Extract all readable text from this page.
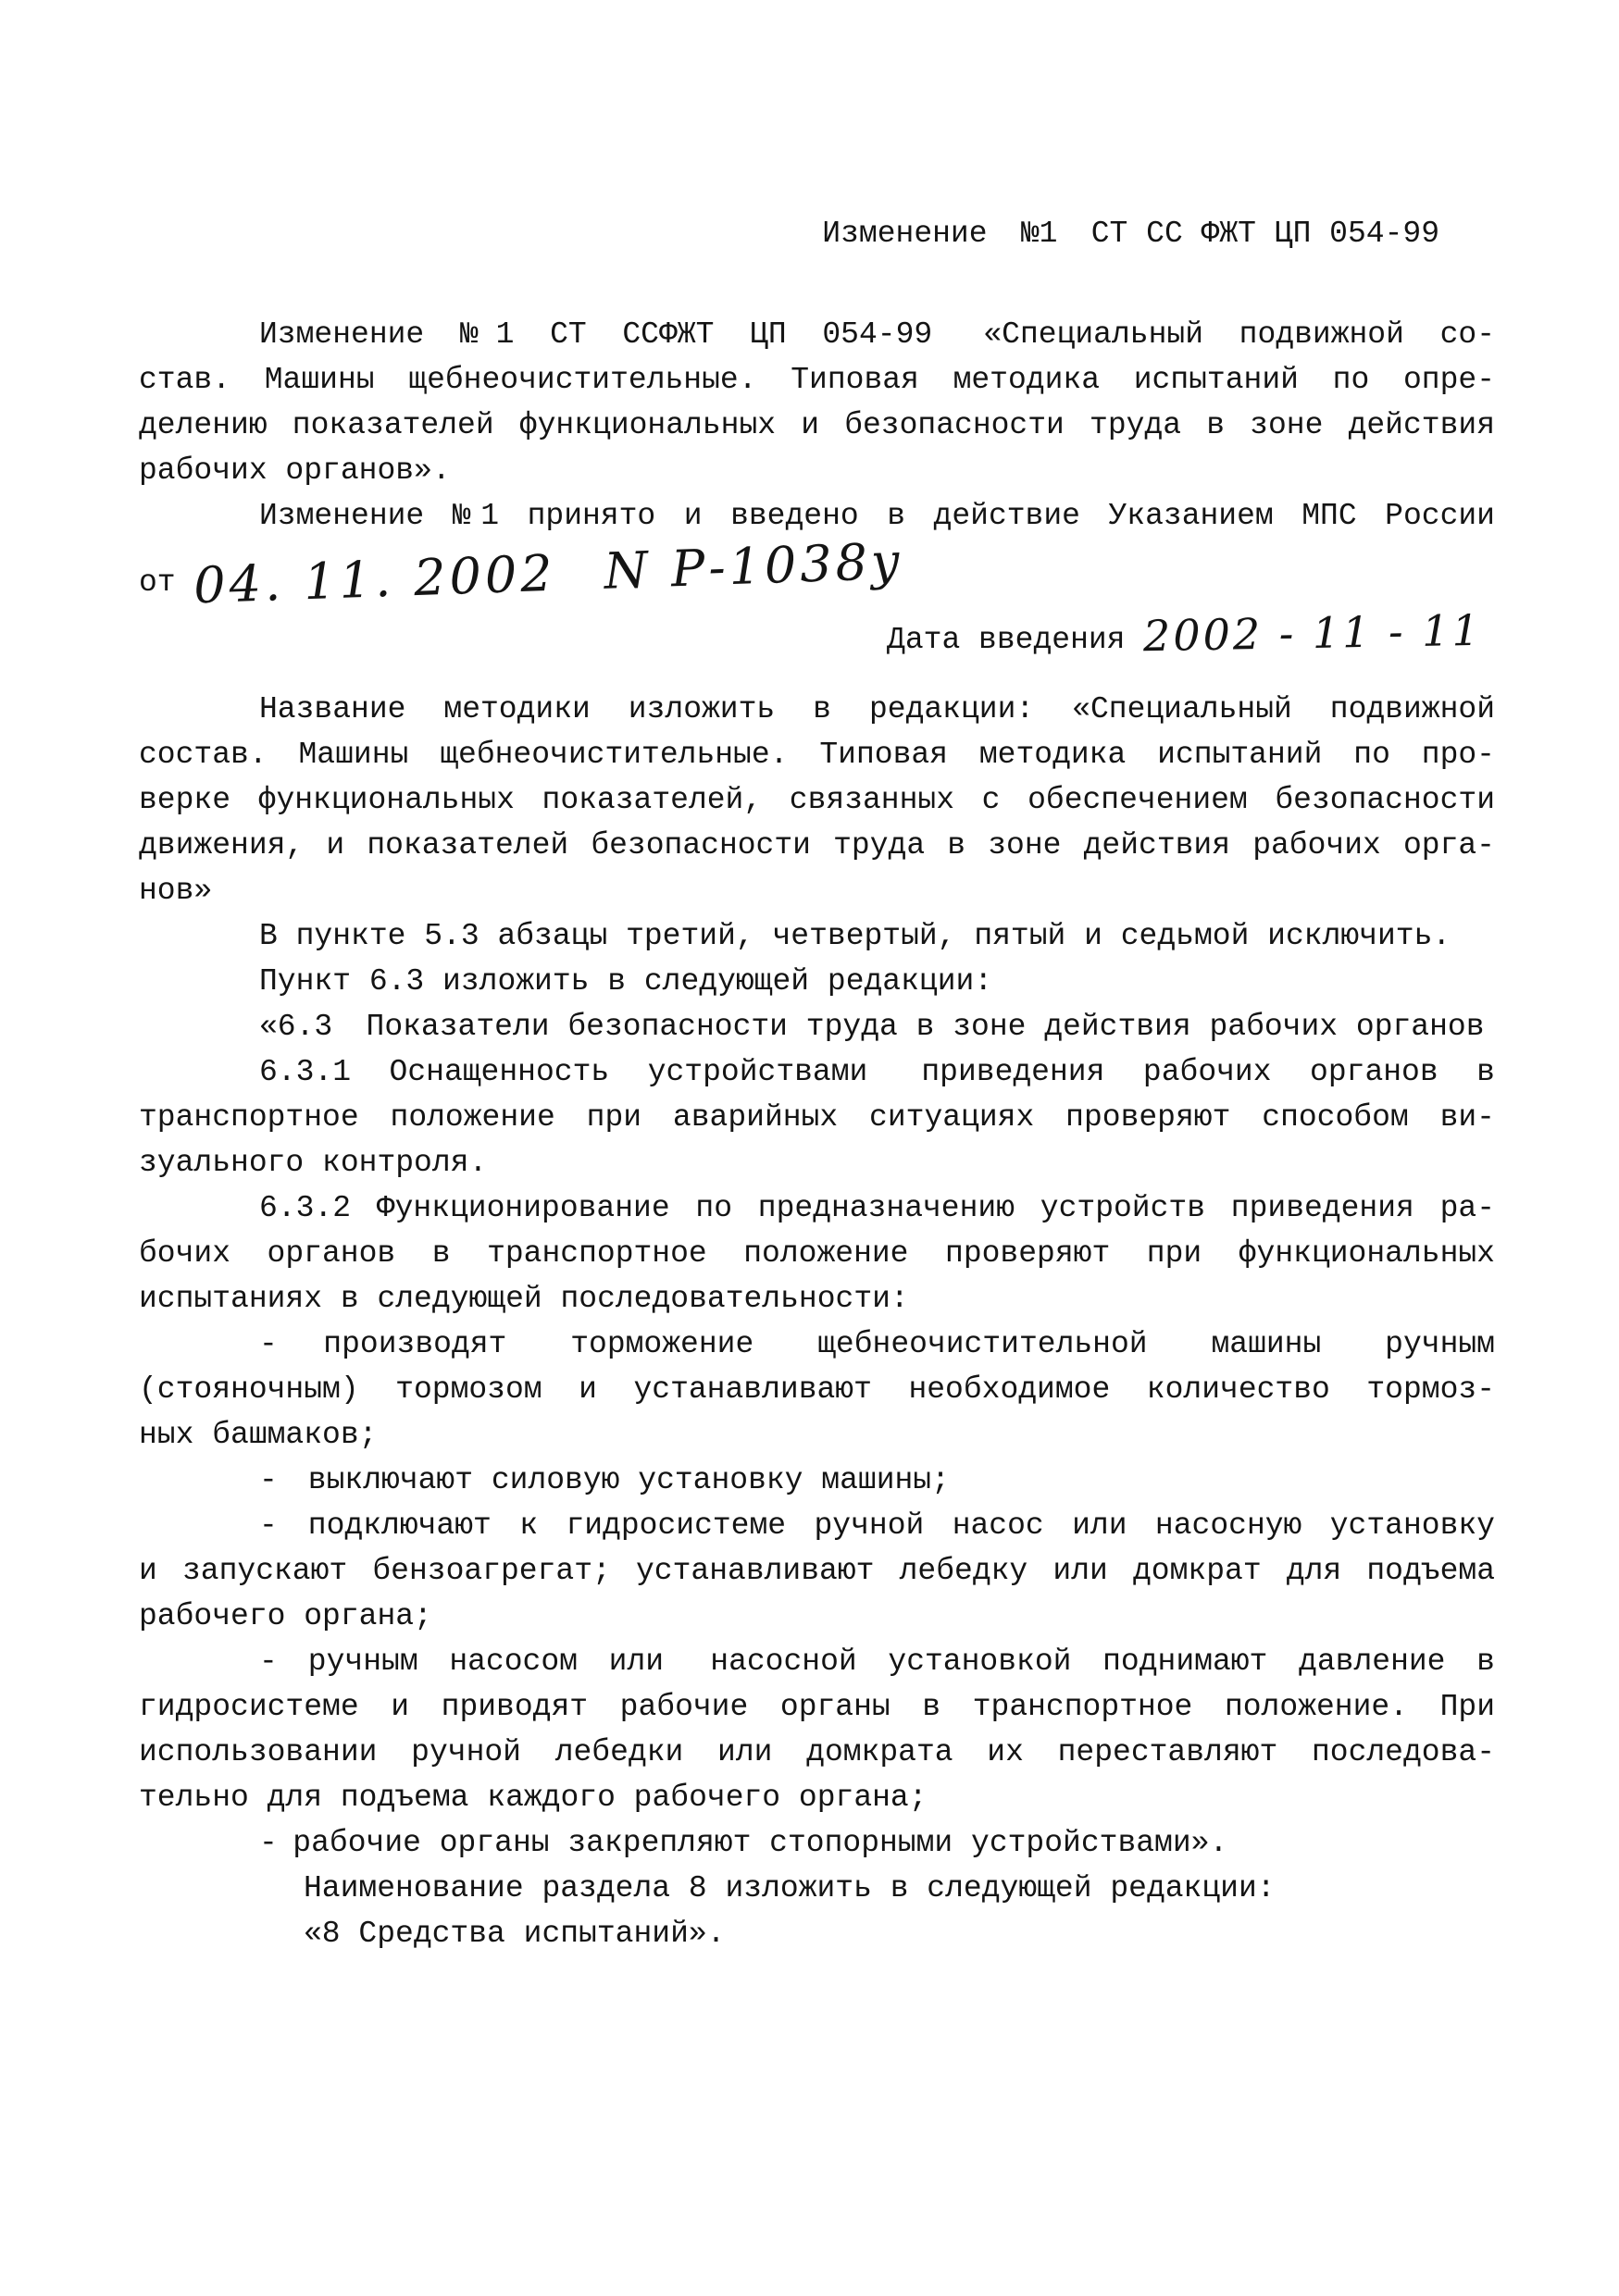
Изменение  №1  СТ СС ФЖТ ЦП 054-99
Изменение №1 СТ ССФЖТ ЦП 054-99  «Специальный подвижной со-
став. Машины щебнеочистительные. Типовая методика испытаний по опре-
делению показателей функциональных и безопасности труда в зоне действия
рабочих органов».
Изменение №1 принято и введено в действие Указанием МПС России
от 04. 11. 2002  N Р-1038у
Дата введения 2002 - 11 - 11
Название методики изложить в редакции: «Специальный подвижной
состав. Машины щебнеочистительные. Типовая методика испытаний по про-
верке функциональных показателей, связанных с обеспечением безопасности
движения, и показателей безопасности труда в зоне действия рабочих орга-
нов»
В пункте 5.3 абзацы третий, четвертый, пятый и седьмой исключить.
Пункт 6.3 изложить в следующей редакции:
«6.3  Показатели безопасности труда в зоне действия рабочих органов
6.3.1 Оснащенность устройствами  приведения рабочих органов в
транспортное положение при аварийных ситуациях проверяют способом ви-
зуального контроля.
6.3.2 Функционирование по предназначению устройств приведения ра-
бочих органов в транспортное положение проверяют при функциональных
испытаниях в следующей последовательности:
-  производят торможение щебнеочистительной машины ручным
(стояночным) тормозом и устанавливают необходимое количество тормоз-
ных башмаков;
- выключают силовую установку машины;
- подключают к гидросистеме ручной насос или насосную установку
и запускают бензоагрегат; устанавливают лебедку или домкрат для подъема
рабочего органа;
- ручным насосом или  насосной установкой поднимают давление в
гидросистеме и приводят рабочие органы в транспортное положение. При
использовании ручной лебедки или домкрата их переставляют последова-
тельно для подъема каждого рабочего органа;
- рабочие органы закрепляют стопорными устройствами».
Наименование раздела 8 изложить в следующей редакции:
«8 Средства испытаний».
